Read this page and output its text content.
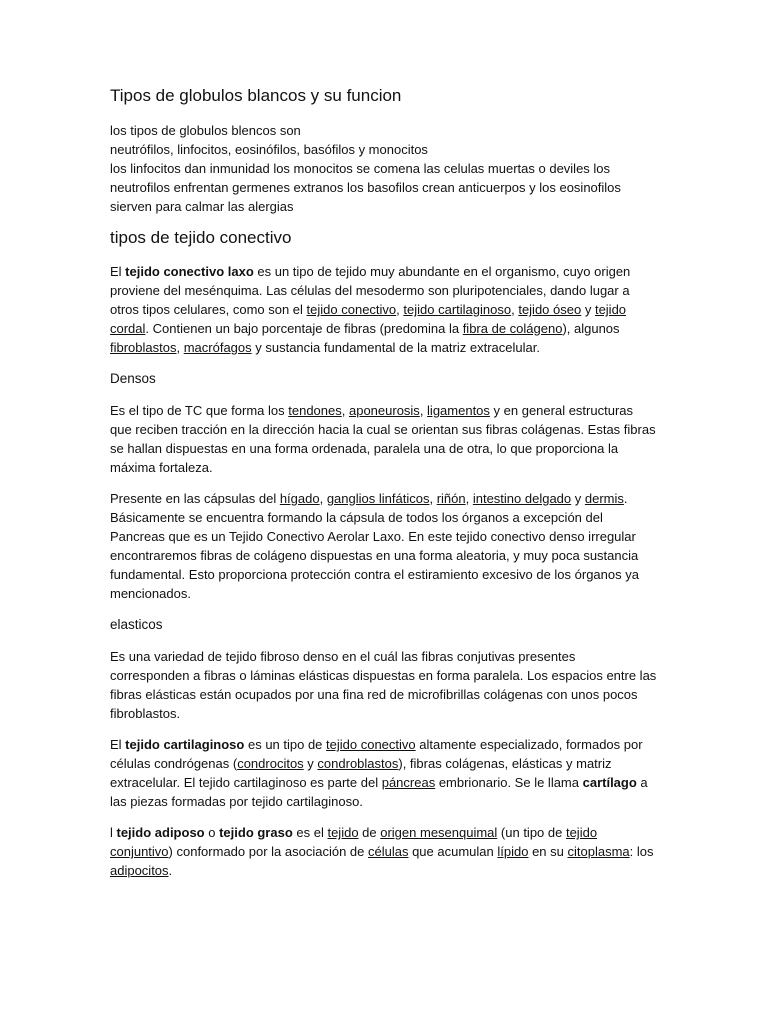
Tipos de globulos blancos y su funcion
los tipos de globulos blencos son
neutrófilos, linfocitos, eosinófilos, basófilos y monocitos
los linfocitos dan inmunidad los monocitos se comena las celulas muertas o deviles los neutrofilos enfrentan germenes extranos los basofilos crean anticuerpos y los eosinofilos sierven para calmar las alergias
tipos de tejido conectivo

El tejido conectivo laxo es un tipo de tejido muy abundante en el organismo, cuyo origen proviene del mesénquima. Las células del mesodermo son pluripotenciales, dando lugar a otros tipos celulares, como son el tejido conectivo, tejido cartilaginoso, tejido óseo y tejido cordal. Contienen un bajo porcentaje de fibras (predomina la fibra de colágeno), algunos fibroblastos, macrófagos y sustancia fundamental de la matriz extracelular.

Densos

Es el tipo de TC que forma los tendones, aponeurosis, ligamentos y en general estructuras que reciben tracción en la dirección hacia la cual se orientan sus fibras colágenas. Estas fibras se hallan dispuestas en una forma ordenada, paralela una de otra, lo que proporciona la máxima fortaleza.

Presente en las cápsulas del hígado, ganglios linfáticos, riñón, intestino delgado y dermis. Básicamente se encuentra formando la cápsula de todos los órganos a excepción del Pancreas que es un Tejido Conectivo Aerolar Laxo. En este tejido conectivo denso irregular encontraremos fibras de colágeno dispuestas en una forma aleatoria, y muy poca sustancia fundamental. Esto proporciona protección contra el estiramiento excesivo de los órganos ya mencionados.

elasticos

Es una variedad de tejido fibroso denso en el cuál las fibras conjutivas presentes corresponden a fibras o láminas elásticas dispuestas en forma paralela. Los espacios entre las fibras elásticas están ocupados por una fina red de microfibrillas colágenas con unos pocos fibroblastos.

El tejido cartilaginoso es un tipo de tejido conectivo altamente especializado, formados por células condrógenas (condrocitos y condroblastos), fibras colágenas, elásticas y matriz extracelular. El tejido cartilaginoso es parte del páncreas embrionario. Se le llama cartílago a las piezas formadas por tejido cartilaginoso.

l tejido adiposo o tejido graso es el tejido de origen mesenquimal (un tipo de tejido conjuntivo) conformado por la asociación de células que acumulan lípido en su citoplasma: los adipocitos.
